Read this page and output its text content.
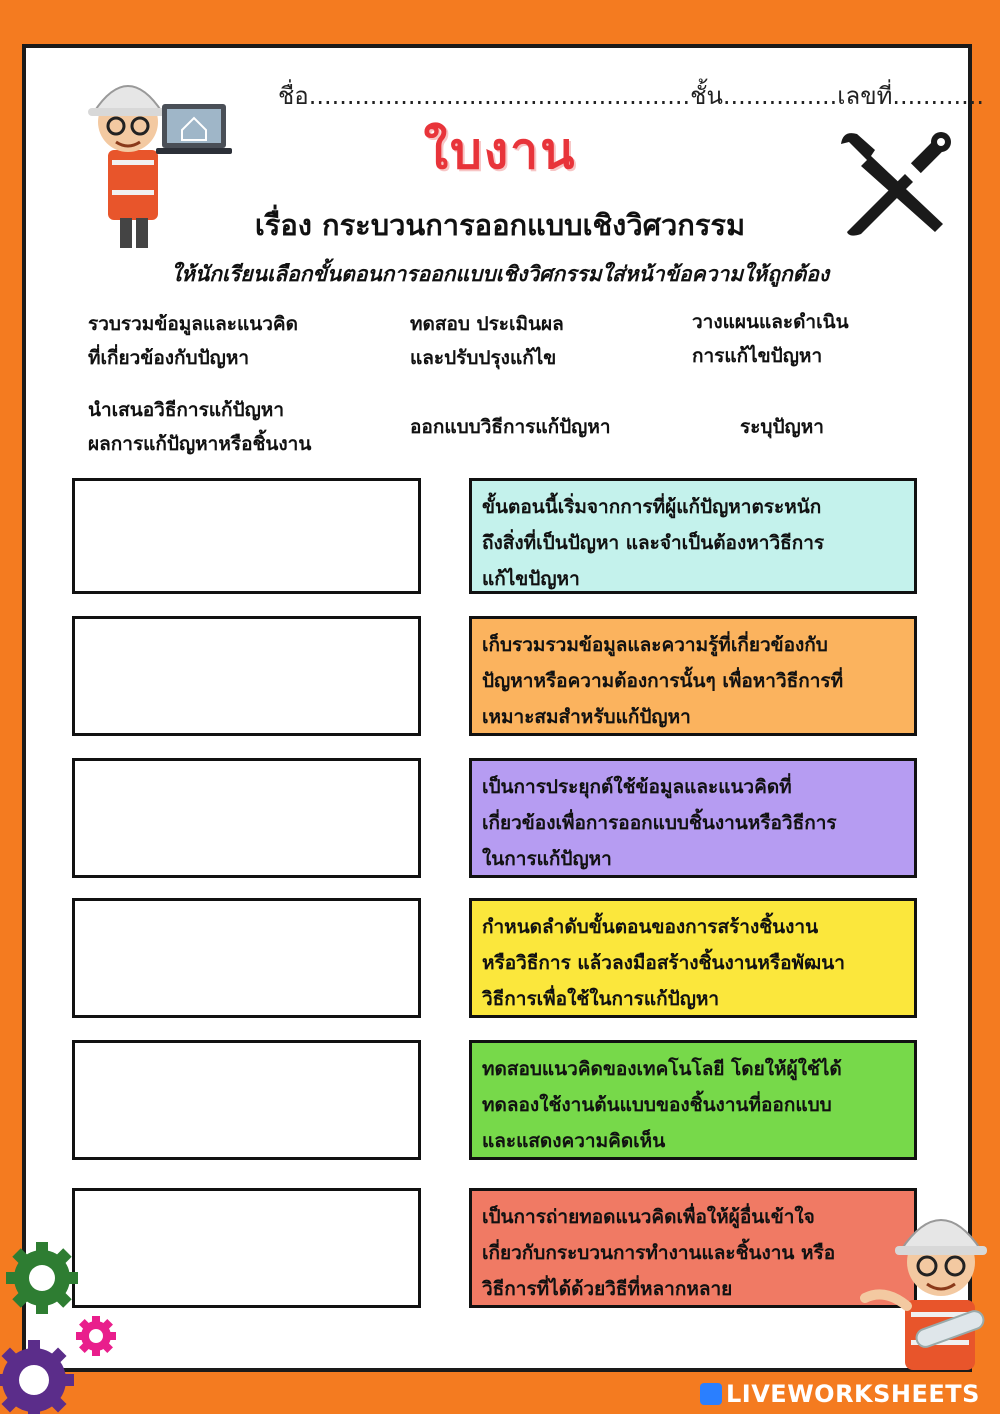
ชื่อ..................................................ชั้น...............เลขที่............
ใบงาน
เรื่อง กระบวนการออกแบบเชิงวิศวกรรม
ให้นักเรียนเลือกขั้นตอนการออกแบบเชิงวิศกรรมใส่หน้าข้อความให้ถูกต้อง
รวบรวมข้อมูลและแนวคิด
ที่เกี่ยวข้องกับปัญหา
ทดสอบ ประเมินผล
และปรับปรุงแก้ไข
วางแผนและดำเนิน
การแก้ไขปัญหา
นำเสนอวิธีการแก้ปัญหา
ผลการแก้ปัญหาหรือชิ้นงาน
ออกแบบวิธีการแก้ปัญหา	ระบุปัญหา
ขั้นตอนนี้เริ่มจากการที่ผู้แก้ปัญหาตระหนัก
ถึงสิ่งที่เป็นปัญหา และจำเป็นต้องหาวิธีการ
แก้ไขปัญหา
เก็บรวมรวมข้อมูลและความรู้ที่เกี่ยวข้องกับ
ปัญหาหรือความต้องการนั้นๆ เพื่อหาวิธีการที่
เหมาะสมสำหรับแก้ปัญหา
เป็นการประยุกต์ใช้ข้อมูลและแนวคิดที่
เกี่ยวข้องเพื่อการออกแบบชิ้นงานหรือวิธีการ
ในการแก้ปัญหา
กำหนดลำดับขั้นตอนของการสร้างชิ้นงาน
หรือวิธีการ แล้วลงมือสร้างชิ้นงานหรือพัฒนา
วิธีการเพื่อใช้ในการแก้ปัญหา
ทดสอบแนวคิดของเทคโนโลยี โดยให้ผู้ใช้ได้
ทดลองใช้งานต้นแบบของชิ้นงานที่ออกแบบ
และแสดงความคิดเห็น
เป็นการถ่ายทอดแนวคิดเพื่อให้ผู้อื่นเข้าใจ
เกี่ยวกับกระบวนการทำงานและชิ้นงาน หรือ
วิธีการที่ได้ด้วยวิธีที่หลากหลาย
LIVEWORKSHEETS
